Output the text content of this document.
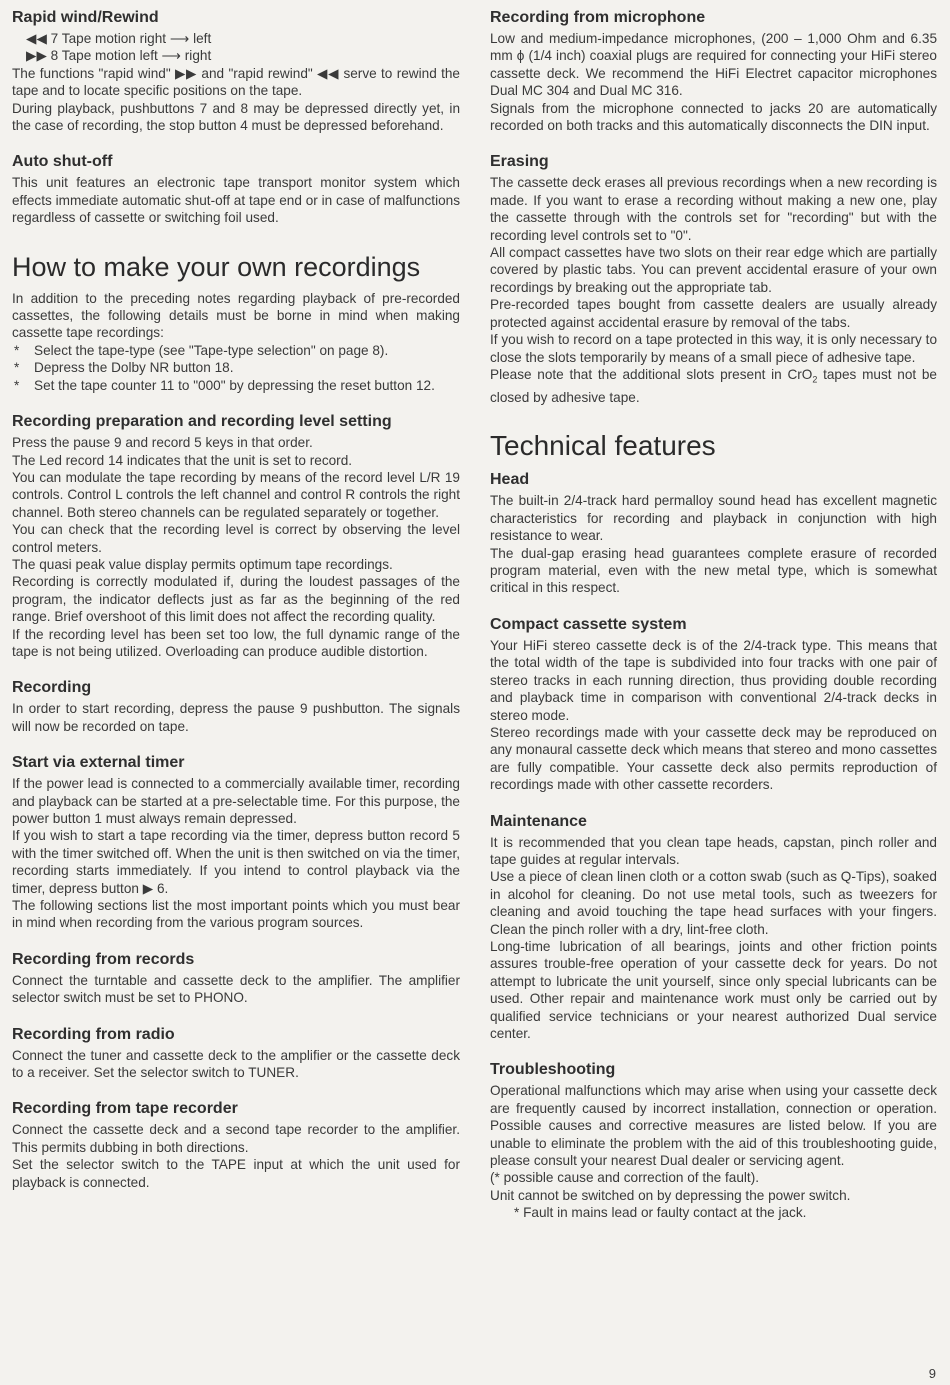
Rapid wind/Rewind
◀◀ 7 Tape motion right ⟶ left
▶▶ 8 Tape motion left ⟶ right

The functions "rapid wind" ▶▶ and "rapid rewind" ◀◀ serve to rewind the tape and to locate specific positions on the tape.

During playback, pushbuttons 7 and 8 may be depressed directly yet, in the case of recording, the stop button 4 must be depressed beforehand.

Auto shut-off

This unit features an electronic tape transport monitor system which effects immediate automatic shut-off at tape end or in case of malfunctions regardless of cassette or switching foil used.

How to make your own recordings

In addition to the preceding notes regarding playback of pre-recorded cassettes, the following details must be borne in mind when making cassette tape recordings:

* Select the tape-type (see "Tape-type selection" on page 8).
* Depress the Dolby NR button 18.
* Set the tape counter 11 to "000" by depressing the reset button 12.
Recording preparation and recording level setting

Press the pause 9 and record 5 keys in that order.

The Led record 14 indicates that the unit is set to record.

You can modulate the tape recording by means of the record level L/R 19 controls. Control L controls the left channel and control R controls the right channel. Both stereo channels can be regulated separately or together.

You can check that the recording level is correct by observing the level control meters.

The quasi peak value display permits optimum tape recordings.

Recording is correctly modulated if, during the loudest passages of the program, the indicator deflects just as far as the beginning of the red range. Brief overshoot of this limit does not affect the recording quality.

If the recording level has been set too low, the full dynamic range of the tape is not being utilized. Overloading can produce audible distortion.

Recording

In order to start recording, depress the pause 9 pushbutton. The signals will now be recorded on tape.

Start via external timer

If the power lead is connected to a commercially available timer, recording and playback can be started at a pre-selectable time. For this purpose, the power button 1 must always remain depressed.

If you wish to start a tape recording via the timer, depress button record 5 with the timer switched off. When the unit is then switched on via the timer, recording starts immediately. If you intend to control playback via the timer, depress button ▶ 6.

The following sections list the most important points which you must bear in mind when recording from the various program sources.

Recording from records

Connect the turntable and cassette deck to the amplifier. The amplifier selector switch must be set to PHONO.

Recording from radio

Connect the tuner and cassette deck to the amplifier or the cassette deck to a receiver. Set the selector switch to TUNER.

Recording from tape recorder

Connect the cassette deck and a second tape recorder to the amplifier. This permits dubbing in both directions.

Set the selector switch to the TAPE input at which the unit used for playback is connected.

Recording from microphone

Low and medium-impedance microphones, (200 – 1,000 Ohm and 6.35 mm ϕ (1/4 inch) coaxial plugs are required for connecting your HiFi stereo cassette deck. We recommend the HiFi Electret capacitor microphones Dual MC 304 and Dual MC 316.

Signals from the microphone connected to jacks 20 are automatically recorded on both tracks and this automatically disconnects the DIN input.

Erasing

The cassette deck erases all previous recordings when a new recording is made. If you want to erase a recording without making a new one, play the cassette through with the controls set for "recording" but with the recording level controls set to "0".

All compact cassettes have two slots on their rear edge which are partially covered by plastic tabs. You can prevent accidental erasure of your own recordings by breaking out the appropriate tab.

Pre-recorded tapes bought from cassette dealers are usually already protected against accidental erasure by removal of the tabs.

If you wish to record on a tape protected in this way, it is only necessary to close the slots temporarily by means of a small piece of adhesive tape.

Please note that the additional slots present in CrO$_2$ tapes must not be closed by adhesive tape.

Technical features
Head

The built-in 2/4-track hard permalloy sound head has excellent magnetic characteristics for recording and playback in conjunction with high resistance to wear.

The dual-gap erasing head guarantees complete erasure of recorded program material, even with the new metal type, which is somewhat critical in this respect.

Compact cassette system

Your HiFi stereo cassette deck is of the 2/4-track type. This means that the total width of the tape is subdivided into four tracks with one pair of stereo tracks in each running direction, thus providing double recording and playback time in comparison with conventional 2/4-track decks in stereo mode.

Stereo recordings made with your cassette deck may be reproduced on any monaural cassette deck which means that stereo and mono cassettes are fully compatible. Your cassette deck also permits reproduction of recordings made with other cassette recorders.

Maintenance

It is recommended that you clean tape heads, capstan, pinch roller and tape guides at regular intervals.

Use a piece of clean linen cloth or a cotton swab (such as Q-Tips), soaked in alcohol for cleaning. Do not use metal tools, such as tweezers for cleaning and avoid touching the tape head surfaces with your fingers. Clean the pinch roller with a dry, lint-free cloth.

Long-time lubrication of all bearings, joints and other friction points assures trouble-free operation of your cassette deck for years. Do not attempt to lubricate the unit yourself, since only special lubricants can be used. Other repair and maintenance work must only be carried out by qualified service technicians or your nearest authorized Dual service center.

Troubleshooting

Operational malfunctions which may arise when using your cassette deck are frequently caused by incorrect installation, connection or operation. Possible causes and corrective measures are listed below. If you are unable to eliminate the problem with the aid of this troubleshooting guide, please consult your nearest Dual dealer or servicing agent.

(* possible cause and correction of the fault).

Unit cannot be switched on by depressing the power switch.

* Fault in mains lead or faulty contact at the jack.
9
